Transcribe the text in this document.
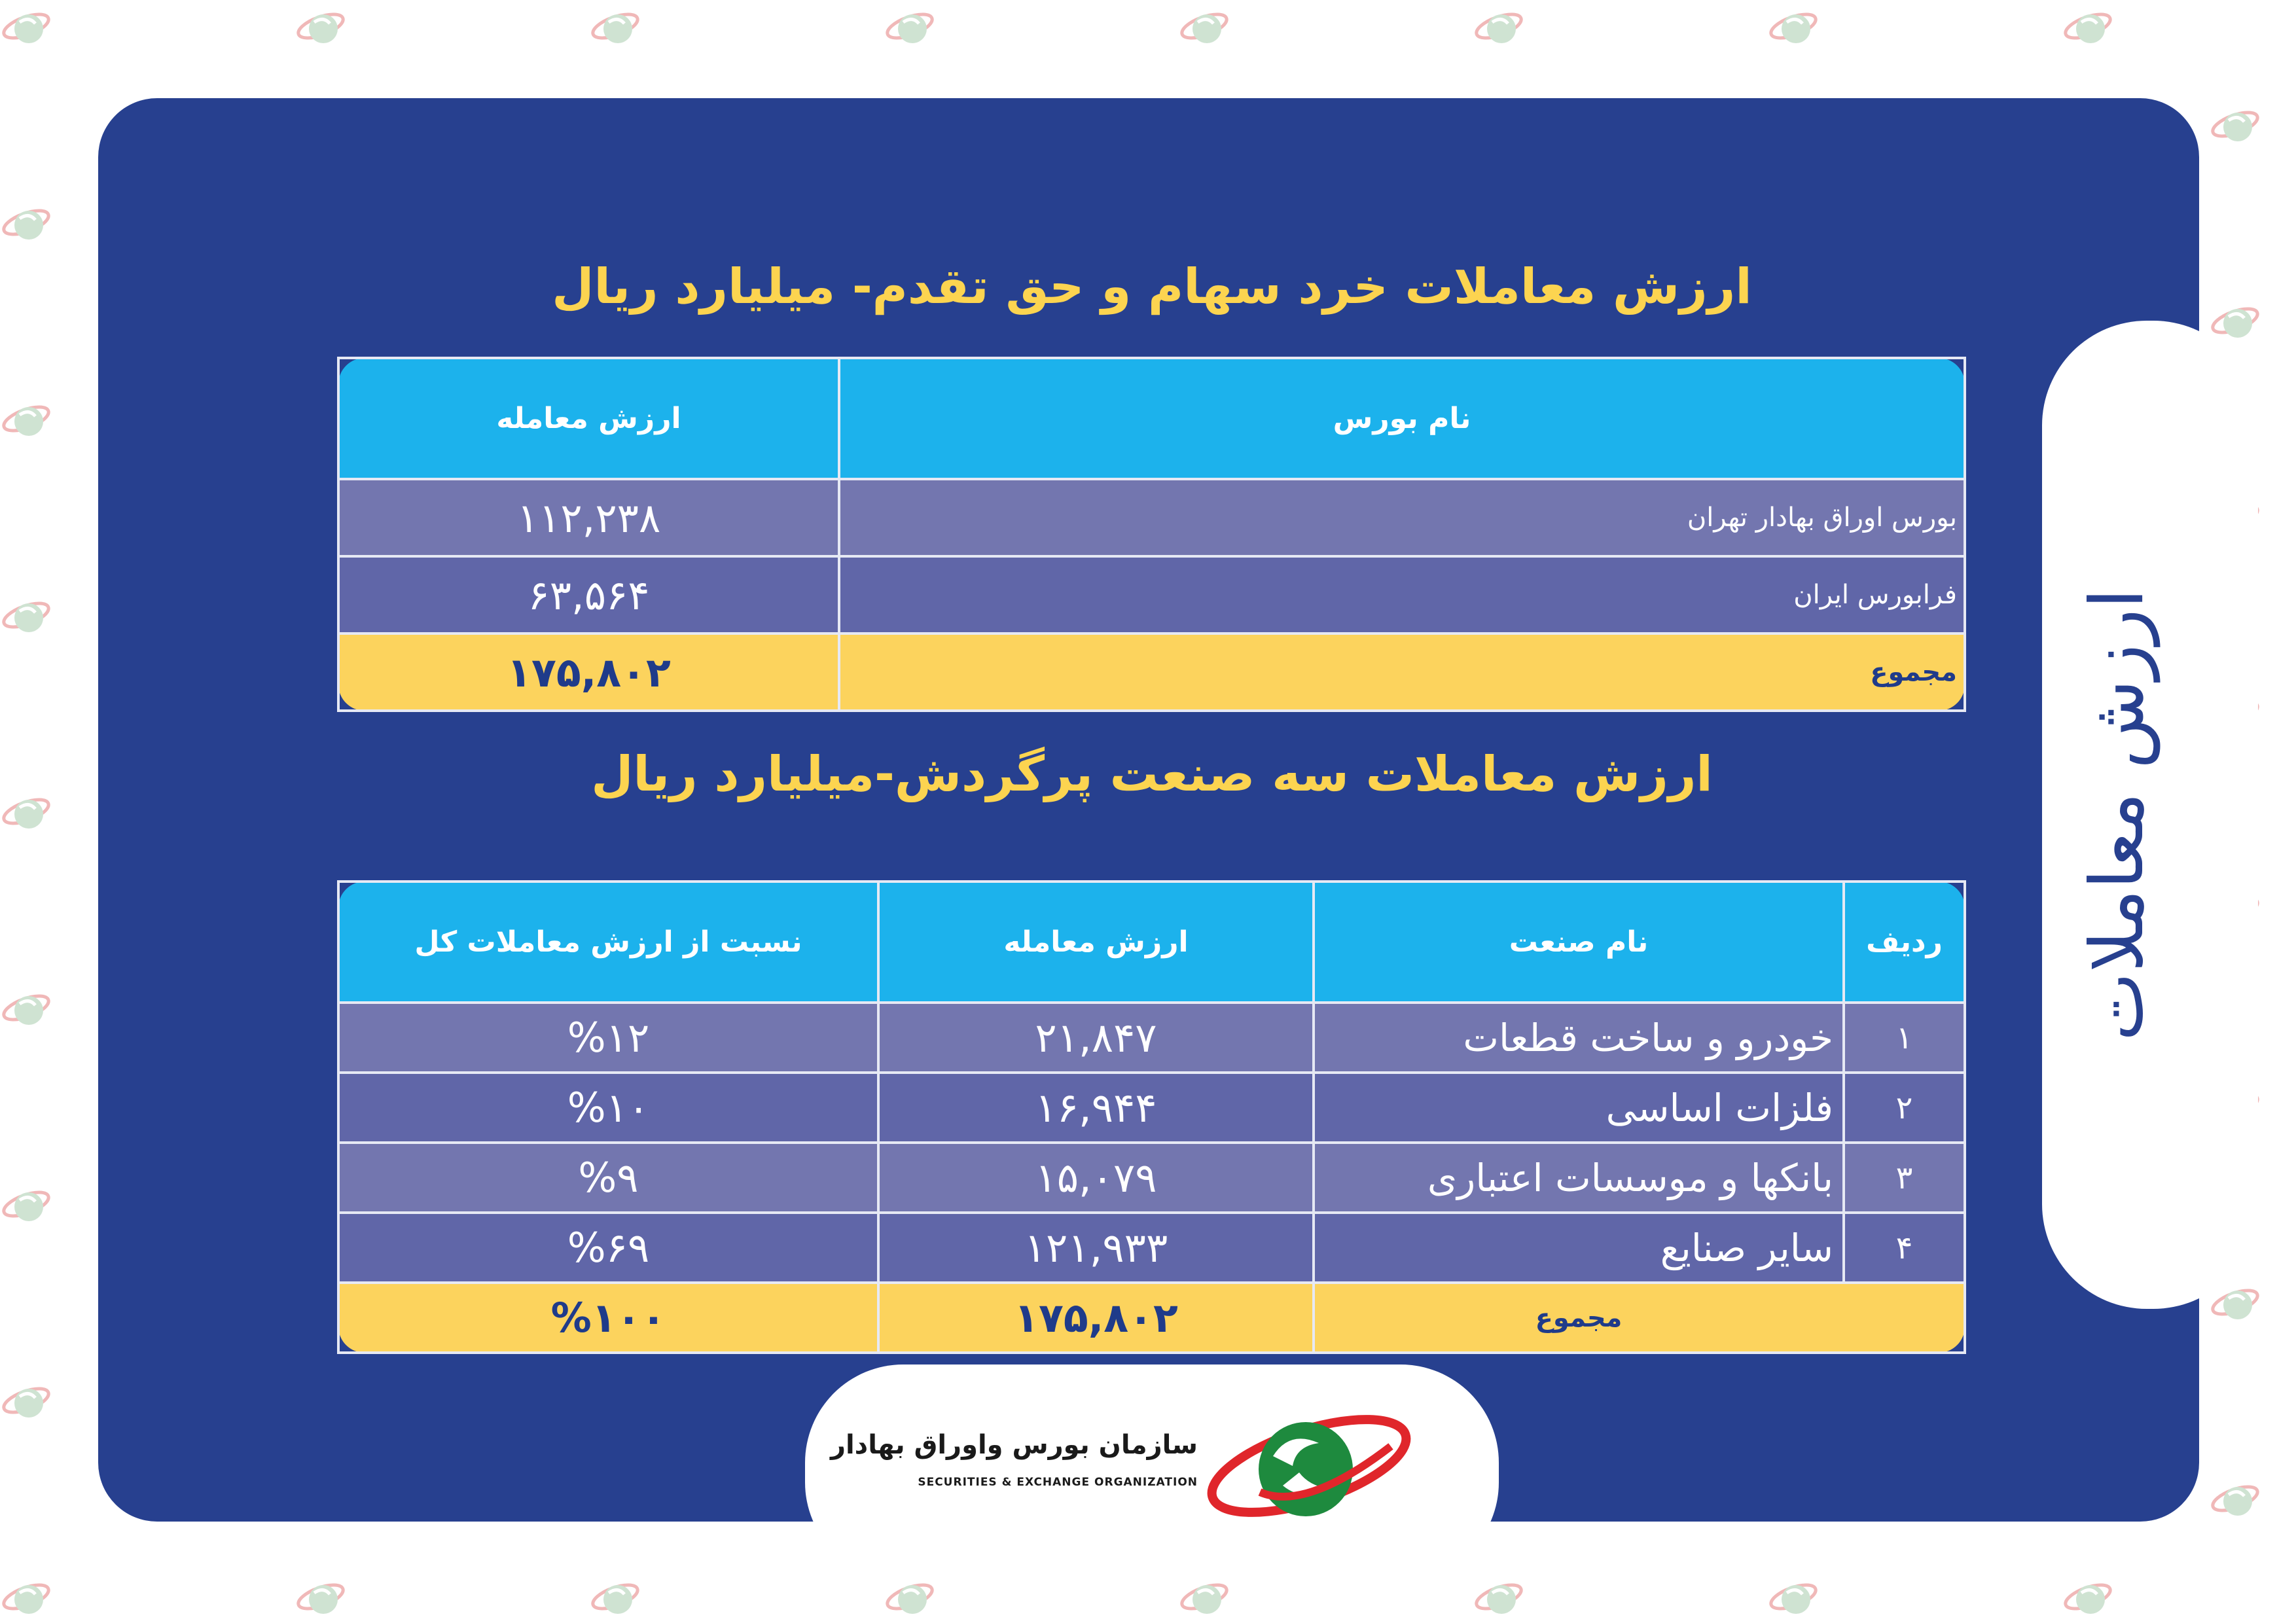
ارزش معاملات
ارزش معاملات خرد سهام و حق تقدم- میلیارد ریال
نام بورس	ارزش معامله
بورس اوراق بهادار تهران	۱۱۲,۲۳۸
فرابورس ایران	۶۳,۵۶۴
مجموع	۱۷۵,۸۰۲
ارزش معاملات سه صنعت پرگردش-میلیارد ریال
ردیف	نام صنعت	ارزش معامله	نسبت از ارزش معاملات کل
۱	خودرو و ساخت قطعات	۲۱,۸۴۷	%۱۲
۲	فلزات اساسی	۱۶,۹۴۴	%۱۰
۳	بانکها و موسسات اعتباری	۱۵,۰۷۹	%۹
۴	سایر صنایع	۱۲۱,۹۳۳	%۶۹
	مجموع	۱۷۵,۸۰۲	%۱۰۰
سازمان بورس واوراق بهادار
SECURITIES & EXCHANGE ORGANIZATION
